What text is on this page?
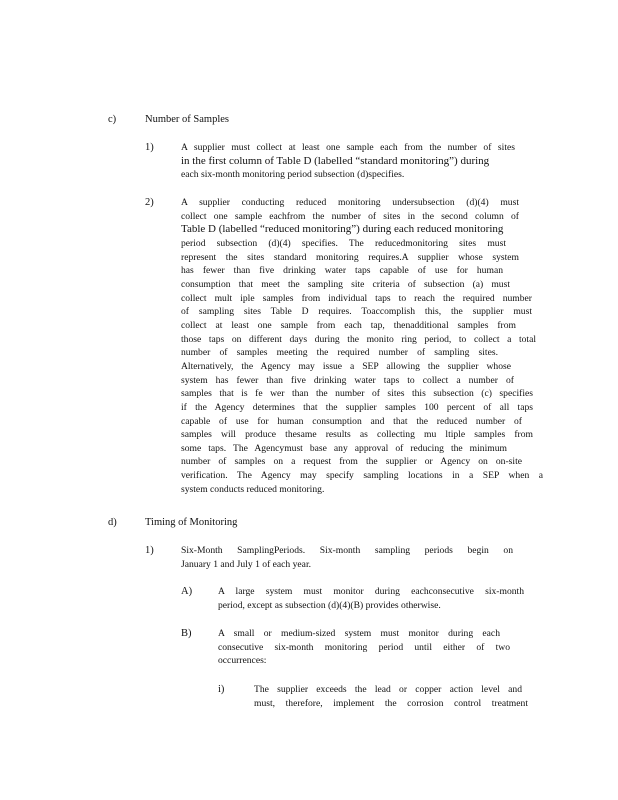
c)	Number of Samples
1)	A supplier must collect at least one sample each from the number of sites
in the first column of Table D (labelled “standard monitoring”) during
each six-month monitoring period subsection (d)specifies.
2)	A supplier conducting reduced monitoring undersubsection (d)(4) must
collect one sample eachfrom the number of sites in the second column of
Table D (labelled “reduced monitoring”) during each reduced monitoring
period subsection (d)(4) specifies. The reducedmonitoring sites must
represent the sites standard monitoring requires.A supplier whose system
has fewer than five drinking water taps capable of use for human
consumption that meet the sampling site criteria of subsection (a) must
collect mult iple samples from individual taps to reach the required number
of sampling sites Table D requires. Toaccomplish this, the supplier must
collect at least one sample from each tap, thenadditional samples from
those taps on different days during the monito ring period, to collect a total
number of samples meeting the required number of sampling sites.
Alternatively, the Agency may issue a SEP allowing the supplier whose
system has fewer than five drinking water taps to collect a number of
samples that is fe wer than the number of sites this subsection (c) specifies
if the Agency determines that the supplier samples 100 percent of all taps
capable of use for human consumption and that the reduced number of
samples will produce thesame results as collecting mu ltiple samples from
some taps. The Agencymust base any approval of reducing the minimum
number of samples on a request from the supplier or Agency on on-site
verification. The Agency may specify sampling locations in a SEP when a
system conducts reduced monitoring.
d)	Timing of Monitoring
1)	Six-Month SamplingPeriods. Six-month sampling periods begin on
January 1 and July 1 of each year.
A)	A large system must monitor during eachconsecutive six-month
period, except as subsection (d)(4)(B) provides otherwise.
B)	A small or medium-sized system must monitor during each
consecutive six-month monitoring period until either of two
occurrences:
i)	The supplier exceeds the lead or copper action level and
must, therefore, implement the corrosion control treatment
